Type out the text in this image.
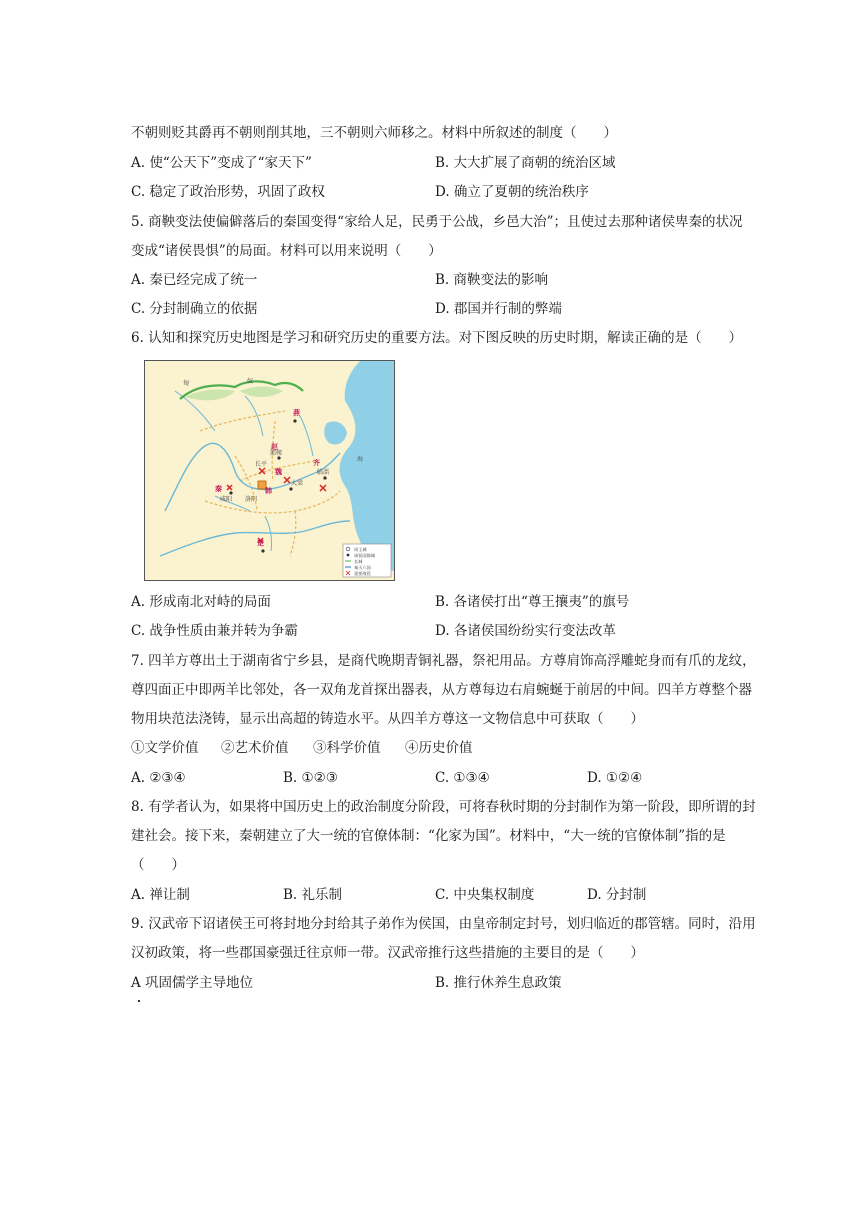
不朝则贬其爵再不朝则削其地，三不朝则六师移之。材料中所叙述的制度（　　）
A. 使“公天下”变成了“家天下”	B. 大大扩展了商朝的统治区域
C. 稳定了政治形势，巩固了政权	D. 确立了夏朝的统治秩序
5. 商鞅变法使偏僻落后的秦国变得“家给人足，民勇于公战，乡邑大治”；且使过去那种诸侯卑秦的状况
变成“诸侯畏惧”的局面。材料可以用来说明（　　）
A. 秦已经完成了统一	B. 商鞅变法的影响
C. 分封制确立的依据	D. 郡国并行制的弊端
6. 认知和探究历史地图是学习和研究历史的重要方法。对下图反映的历史时期，解读正确的是（　　）
匈	奴
洛阳
咸阳
临淄
邯郸
长平
大梁
海
燕
赵
齐
秦
楚
魏
韩
周王城
诸侯国都城
长城
秦灭六国
重要战役
A. 形成南北对峙的局面	B. 各诸侯打出“尊王攘夷”的旗号
C. 战争性质由兼并转为争霸	D. 各诸侯国纷纷实行变法改革
7. 四羊方尊出土于湖南省宁乡县，是商代晚期青铜礼器，祭祀用品。方尊肩饰高浮雕蛇身而有爪的龙纹，
尊四面正中即两羊比邻处，各一双角龙首探出器表，从方尊每边右肩蜿蜒于前居的中间。四羊方尊整个器
物用块范法浇铸，显示出高超的铸造水平。从四羊方尊这一文物信息中可获取（　　）
①文学价值 ②艺术价值 ③科学价值 ④历史价值
A. ②③④	B. ①②③	C. ①③④	D. ①②④
8. 有学者认为，如果将中国历史上的政治制度分阶段，可将春秋时期的分封制作为第一阶段，即所谓的封
建社会。接下来，秦朝建立了大一统的官僚体制：“化家为国”。材料中，“大一统的官僚体制”指的是
（　　）
A. 禅让制	B. 礼乐制	C. 中央集权制度	D. 分封制
9. 汉武帝下诏诸侯王可将封地分封给其子弟作为侯国，由皇帝制定封号，划归临近的郡管辖。同时，沿用
汉初政策，将一些郡国豪强迁往京师一带。汉武帝推行这些措施的主要目的是（　　）
A 巩固儒学主导地位	B. 推行休养生息政策
